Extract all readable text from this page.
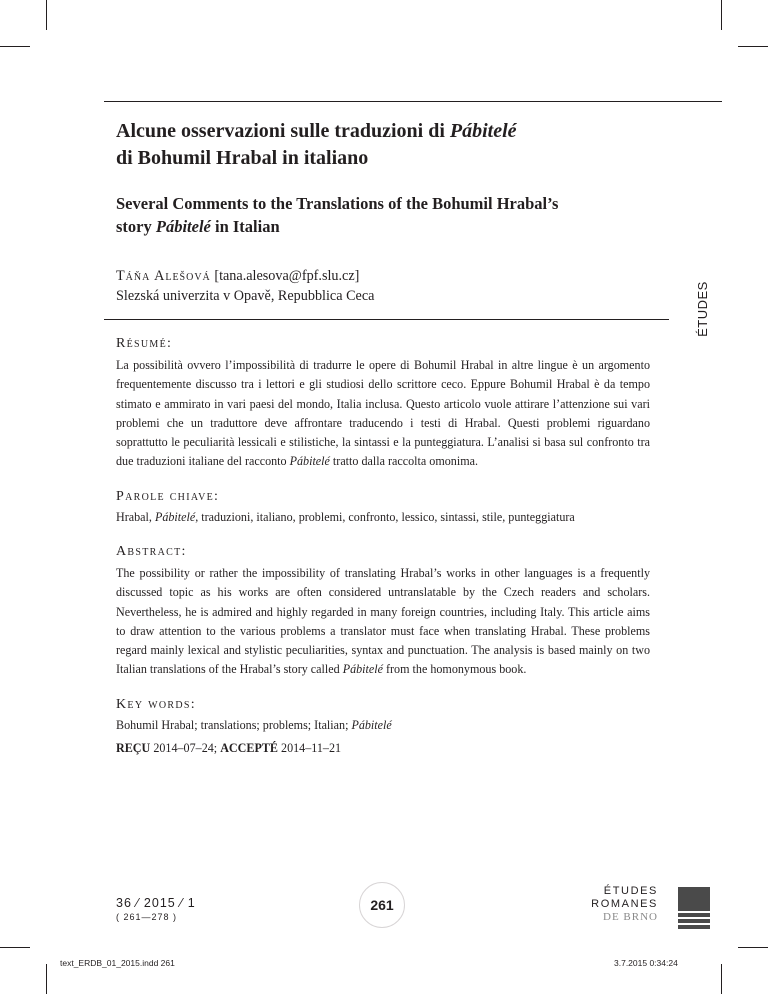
Alcune osservazioni sulle traduzioni di Pábitelé
di Bohumil Hrabal in italiano
Several Comments to the Translations of the Bohumil Hrabal’s
story Pábitelé in Italian
Táňa Alešová [tana.alesova@fpf.slu.cz]
Slezská univerzita v Opavě, Repubblica Ceca	ÉTUDES
Résumé:
La possibilità ovvero l’impossibilità di tradurre le opere di Bohumil Hrabal in altre lingue è un argomento frequentemente discusso tra i lettori e gli studiosi dello scrittore ceco. Eppure Bohumil Hrabal è da tempo stimato e ammirato in vari paesi del mondo, Italia inclusa. Questo articolo vuole attirare l’attenzione sui vari problemi che un traduttore deve affrontare traducendo i testi di Hrabal. Questi problemi riguardano soprattutto le peculiarità lessicali e stilistiche, la sintassi e la punteggiatura. L’analisi si basa sul confronto tra due traduzioni italiane del racconto Pábitelé tratto dalla raccolta omonima.
Parole chiave:
Hrabal, Pábitelé, traduzioni, italiano, problemi, confronto, lessico, sintassi, stile, punteggiatura
Abstract:
The possibility or rather the impossibility of translating Hrabal’s works in other languages is a frequently discussed topic as his works are often considered untranslatable by the Czech readers and scholars. Nevertheless, he is admired and highly regarded in many foreign countries, including Italy. This article aims to draw attention to the various problems a translator must face when translating Hrabal. These problems regard mainly lexical and stylistic peculiarities, syntax and punctuation. The analysis is based mainly on two Italian translations of the Hrabal’s story called Pábitelé from the homonymous book.
Key words:
Bohumil Hrabal; translations; problems; Italian; Pábitelé
REÇU 2014–07–24; ACCEPTÉ 2014–11–21
36 ⁄ 2015 ⁄ 1
( 261—278 )
261
ÉTUDES
ROMANES
DE BRNO
text_ERDB_01_2015.indd 261	3.7.2015 0:34:24
